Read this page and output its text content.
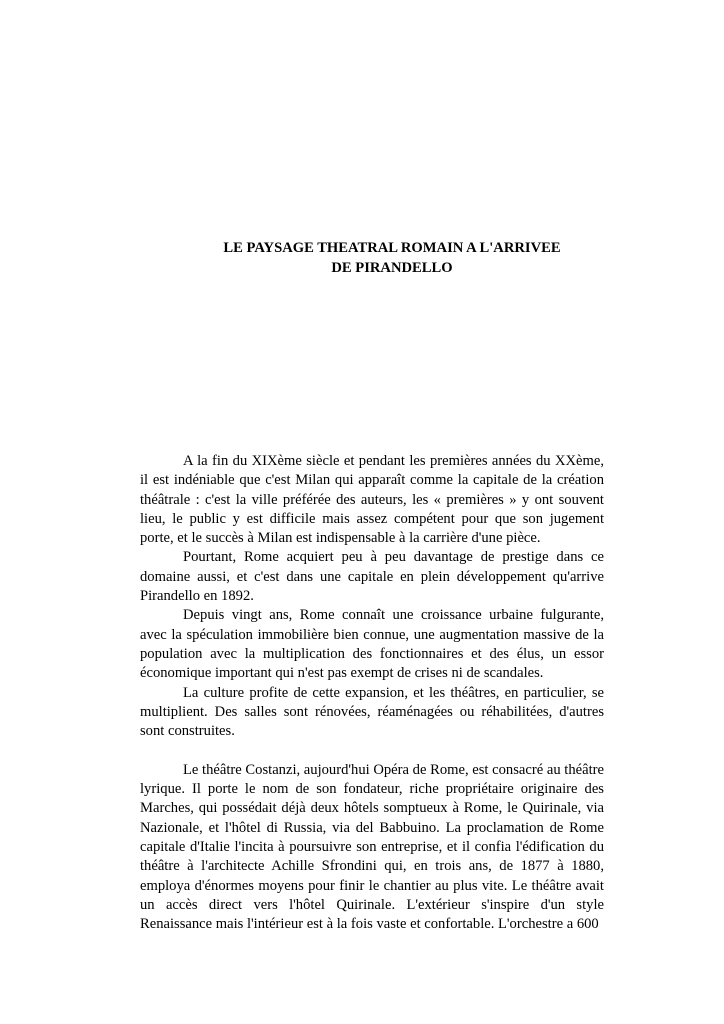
LE PAYSAGE THEATRAL ROMAIN A L'ARRIVEE
DE PIRANDELLO

A la fin du XIXème siècle et pendant les premières années du XXème, il est indéniable que c'est Milan qui apparaît comme la capitale de la création théâtrale : c'est la ville préférée des auteurs, les « premières » y ont souvent lieu, le public y est difficile mais assez compétent pour que son jugement porte, et le succès à Milan est indispensable à la carrière d'une pièce.

Pourtant, Rome acquiert peu à peu davantage de prestige dans ce domaine aussi, et c'est dans une capitale en plein développement qu'arrive Pirandello en 1892.

Depuis vingt ans, Rome connaît une croissance urbaine fulgurante, avec la spéculation immobilière bien connue, une augmentation massive de la population avec la multiplication des fonctionnaires et des élus, un essor économique important qui n'est pas exempt de crises ni de scandales.

La culture profite de cette expansion, et les théâtres, en particulier, se multiplient. Des salles sont rénovées, réaménagées ou réhabilitées, d'autres sont construites.

Le théâtre Costanzi, aujourd'hui Opéra de Rome, est consacré au théâtre lyrique. Il porte le nom de son fondateur, riche propriétaire originaire des Marches, qui possédait déjà deux hôtels somptueux à Rome, le Quirinale, via Nazionale, et l'hôtel di Russia, via del Babbuino. La proclamation de Rome capitale d'Italie l'incita à poursuivre son entreprise, et il confia l'édification du théâtre à l'architecte Achille Sfrondini qui, en trois ans, de 1877 à 1880, employa d'énormes moyens pour finir le chantier au plus vite. Le théâtre avait un accès direct vers l'hôtel Quirinale. L'extérieur s'inspire d'un style Renaissance mais l'intérieur est à la fois vaste et confortable. L'orchestre a 600
